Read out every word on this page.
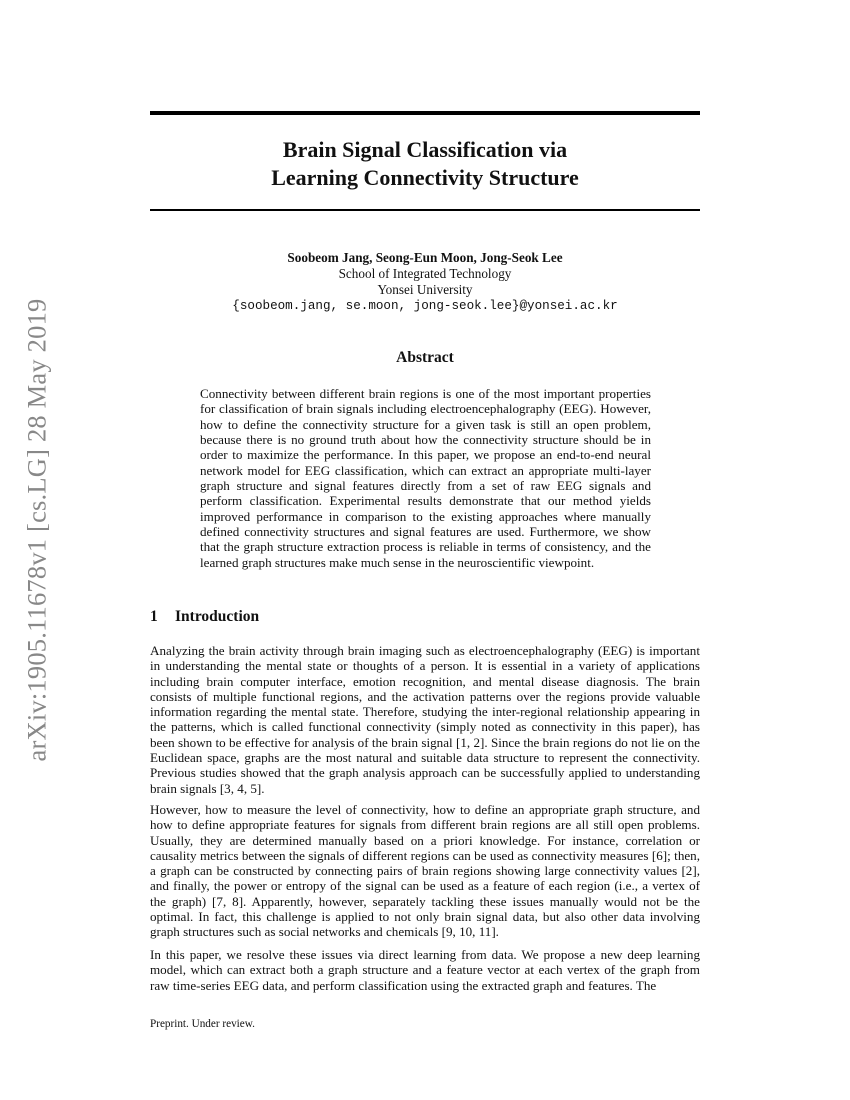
arXiv:1905.11678v1 [cs.LG] 28 May 2019
Brain Signal Classification via
Learning Connectivity Structure
Soobeom Jang, Seong-Eun Moon, Jong-Seok Lee
School of Integrated Technology
Yonsei University
{soobeom.jang, se.moon, jong-seok.lee}@yonsei.ac.kr
Abstract

Connectivity between different brain regions is one of the most important properties for classification of brain signals including electroencephalography (EEG). However, how to define the connectivity structure for a given task is still an open problem, because there is no ground truth about how the connectivity structure should be in order to maximize the performance. In this paper, we propose an end-to-end neural network model for EEG classification, which can extract an appropriate multi-layer graph structure and signal features directly from a set of raw EEG signals and perform classification. Experimental results demonstrate that our method yields improved performance in comparison to the existing approaches where manually defined connectivity structures and signal features are used. Furthermore, we show that the graph structure extraction process is reliable in terms of consistency, and the learned graph structures make much sense in the neuroscientific viewpoint.

1 Introduction

Analyzing the brain activity through brain imaging such as electroencephalography (EEG) is important in understanding the mental state or thoughts of a person. It is essential in a variety of applications including brain computer interface, emotion recognition, and mental disease diagnosis. The brain consists of multiple functional regions, and the activation patterns over the regions provide valuable information regarding the mental state. Therefore, studying the inter-regional relationship appearing in the patterns, which is called functional connectivity (simply noted as connectivity in this paper), has been shown to be effective for analysis of the brain signal [1, 2]. Since the brain regions do not lie on the Euclidean space, graphs are the most natural and suitable data structure to represent the connectivity. Previous studies showed that the graph analysis approach can be successfully applied to understanding brain signals [3, 4, 5].

However, how to measure the level of connectivity, how to define an appropriate graph structure, and how to define appropriate features for signals from different brain regions are all still open problems. Usually, they are determined manually based on a priori knowledge. For instance, correlation or causality metrics between the signals of different regions can be used as connectivity measures [6]; then, a graph can be constructed by connecting pairs of brain regions showing large connectivity values [2], and finally, the power or entropy of the signal can be used as a feature of each region (i.e., a vertex of the graph) [7, 8]. Apparently, however, separately tackling these issues manually would not be the optimal. In fact, this challenge is applied to not only brain signal data, but also other data involving graph structures such as social networks and chemicals [9, 10, 11].

In this paper, we resolve these issues via direct learning from data. We propose a new deep learning model, which can extract both a graph structure and a feature vector at each vertex of the graph from raw time-series EEG data, and perform classification using the extracted graph and features. The

Preprint. Under review.
